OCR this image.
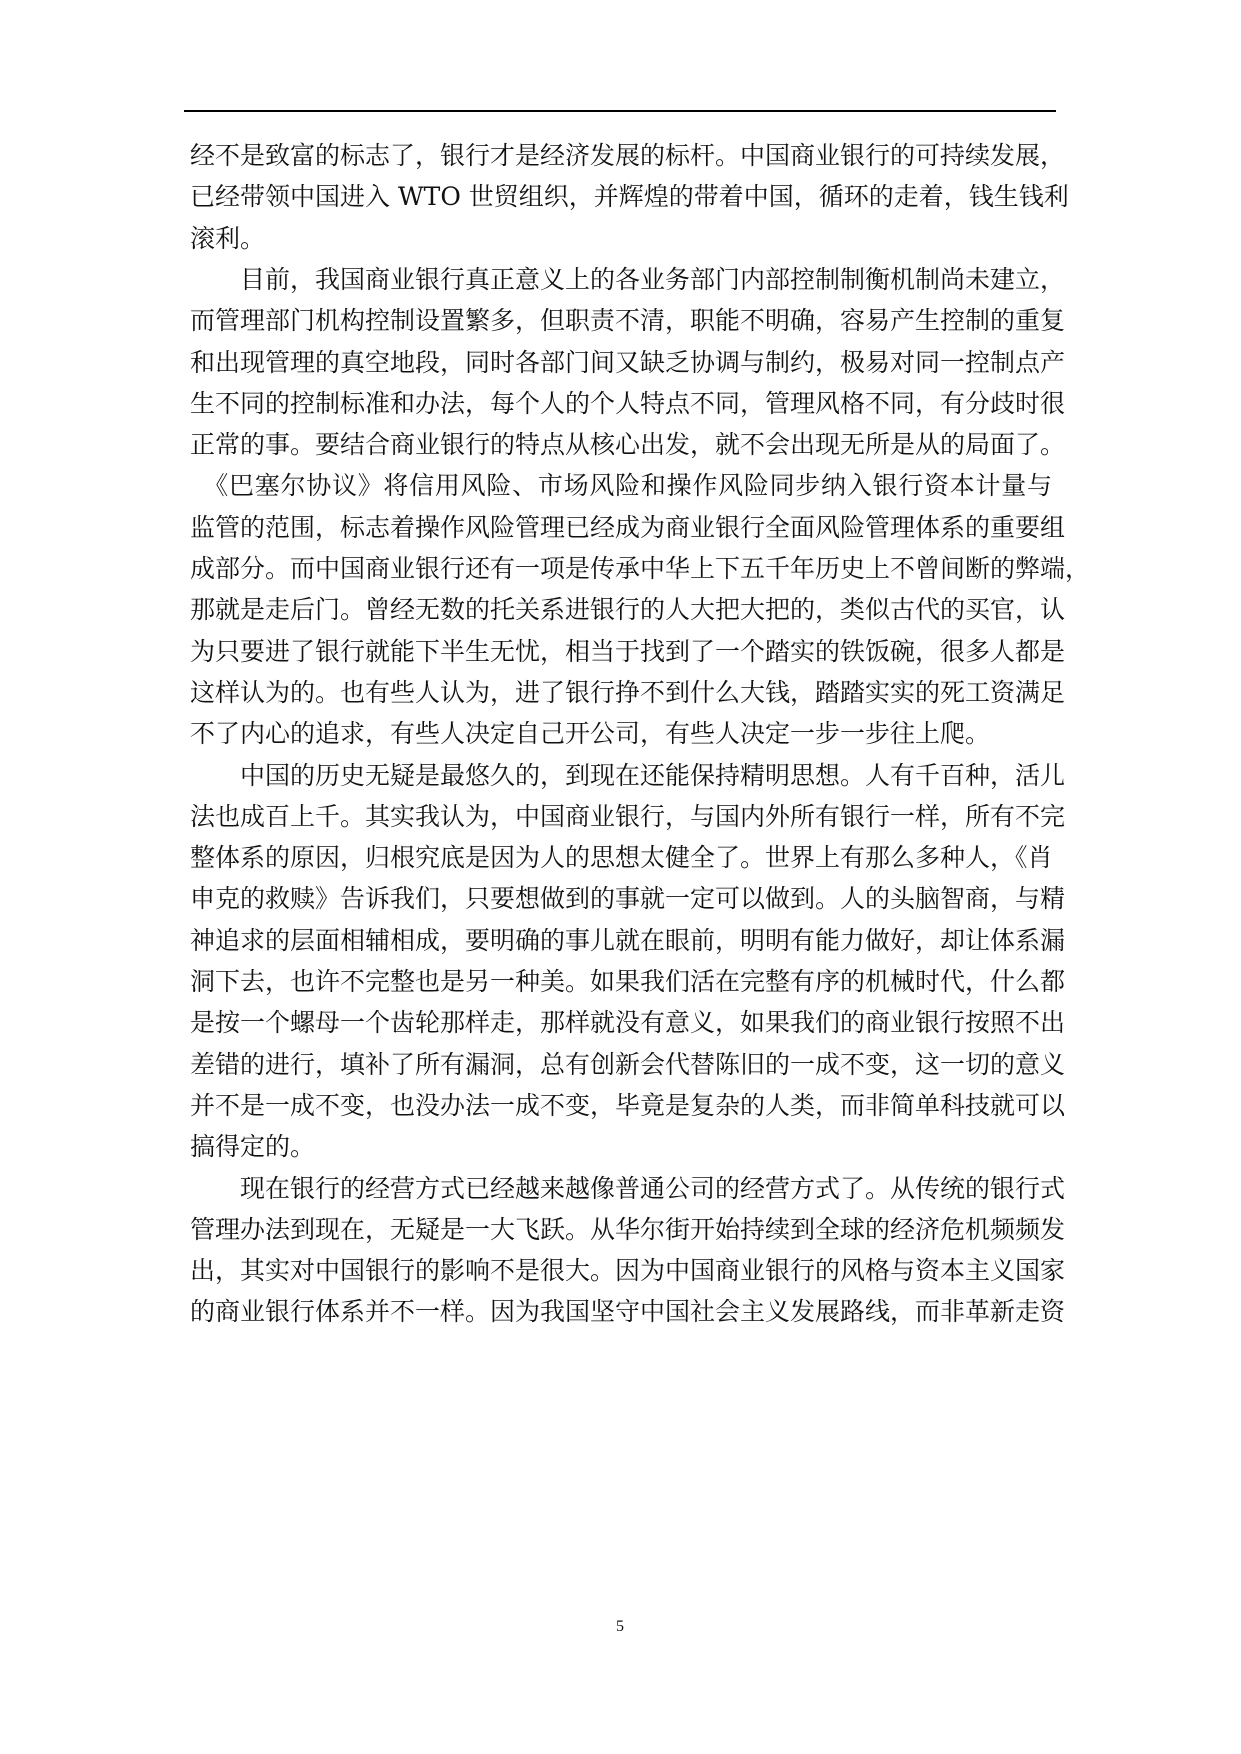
经不是致富的标志了，银行才是经济发展的标杆。中国商业银行的可持续发展，
已经带领中国进入 WTO 世贸组织，并辉煌的带着中国，循环的走着，钱生钱利
滚利。
　　目前，我国商业银行真正意义上的各业务部门内部控制制衡机制尚未建立，
而管理部门机构控制设置繁多，但职责不清，职能不明确，容易产生控制的重复
和出现管理的真空地段，同时各部门间又缺乏协调与制约，极易对同一控制点产
生不同的控制标准和办法，每个人的个人特点不同，管理风格不同，有分歧时很
正常的事。要结合商业银行的特点从核心出发，就不会出现无所是从的局面了。
　《巴塞尔协议》将信用风险、市场风险和操作风险同步纳入银行资本计量与
监管的范围，标志着操作风险管理已经成为商业银行全面风险管理体系的重要组
成部分。而中国商业银行还有一项是传承中华上下五千年历史上不曾间断的弊端，
那就是走后门。曾经无数的托关系进银行的人大把大把的，类似古代的买官，认
为只要进了银行就能下半生无忧，相当于找到了一个踏实的铁饭碗，很多人都是
这样认为的。也有些人认为，进了银行挣不到什么大钱，踏踏实实的死工资满足
不了内心的追求，有些人决定自己开公司，有些人决定一步一步往上爬。
　　中国的历史无疑是最悠久的，到现在还能保持精明思想。人有千百种，活儿
法也成百上千。其实我认为，中国商业银行，与国内外所有银行一样，所有不完
整体系的原因，归根究底是因为人的思想太健全了。世界上有那么多种人，《肖
申克的救赎》告诉我们，只要想做到的事就一定可以做到。人的头脑智商，与精
神追求的层面相辅相成，要明确的事儿就在眼前，明明有能力做好，却让体系漏
洞下去，也许不完整也是另一种美。如果我们活在完整有序的机械时代，什么都
是按一个螺母一个齿轮那样走，那样就没有意义，如果我们的商业银行按照不出
差错的进行，填补了所有漏洞，总有创新会代替陈旧的一成不变，这一切的意义
并不是一成不变，也没办法一成不变，毕竟是复杂的人类，而非简单科技就可以
搞得定的。
　　现在银行的经营方式已经越来越像普通公司的经营方式了。从传统的银行式
管理办法到现在，无疑是一大飞跃。从华尔街开始持续到全球的经济危机频频发
出，其实对中国银行的影响不是很大。因为中国商业银行的风格与资本主义国家
的商业银行体系并不一样。因为我国坚守中国社会主义发展路线，而非革新走资
5
